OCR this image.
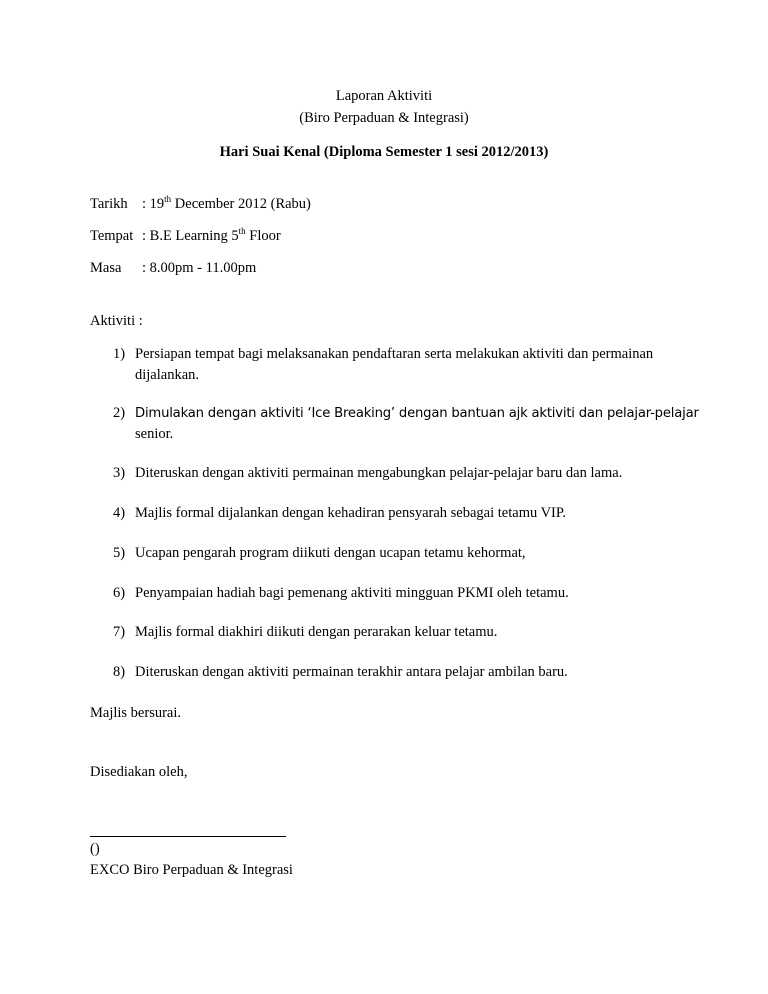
Laporan Aktiviti
(Biro Perpaduan & Integrasi)
Hari Suai Kenal (Diploma Semester 1 sesi 2012/2013)
Tarikh : 19th December 2012 (Rabu)
Tempat : B.E Learning 5th Floor
Masa : 8.00pm - 11.00pm
Aktiviti :
1) Persiapan tempat bagi melaksanakan pendaftaran serta melakukan aktiviti dan permainan
dijalankan.
2) Dimulakan dengan aktiviti ‘Ice Breaking’ dengan bantuan ajk aktiviti dan pelajar-pelajar
senior.
3) Diteruskan dengan aktiviti permainan mengabungkan pelajar-pelajar baru dan lama.
4) Majlis formal dijalankan dengan kehadiran pensyarah sebagai tetamu VIP.
5) Ucapan pengarah program diikuti dengan ucapan tetamu kehormat,
6) Penyampaian hadiah bagi pemenang aktiviti mingguan PKMI oleh tetamu.
7) Majlis formal diakhiri diikuti dengan perarakan keluar tetamu.
8) Diteruskan dengan aktiviti permainan terakhir antara pelajar ambilan baru.
Majlis bersurai.
Disediakan oleh,
()
EXCO Biro Perpaduan & Integrasi
